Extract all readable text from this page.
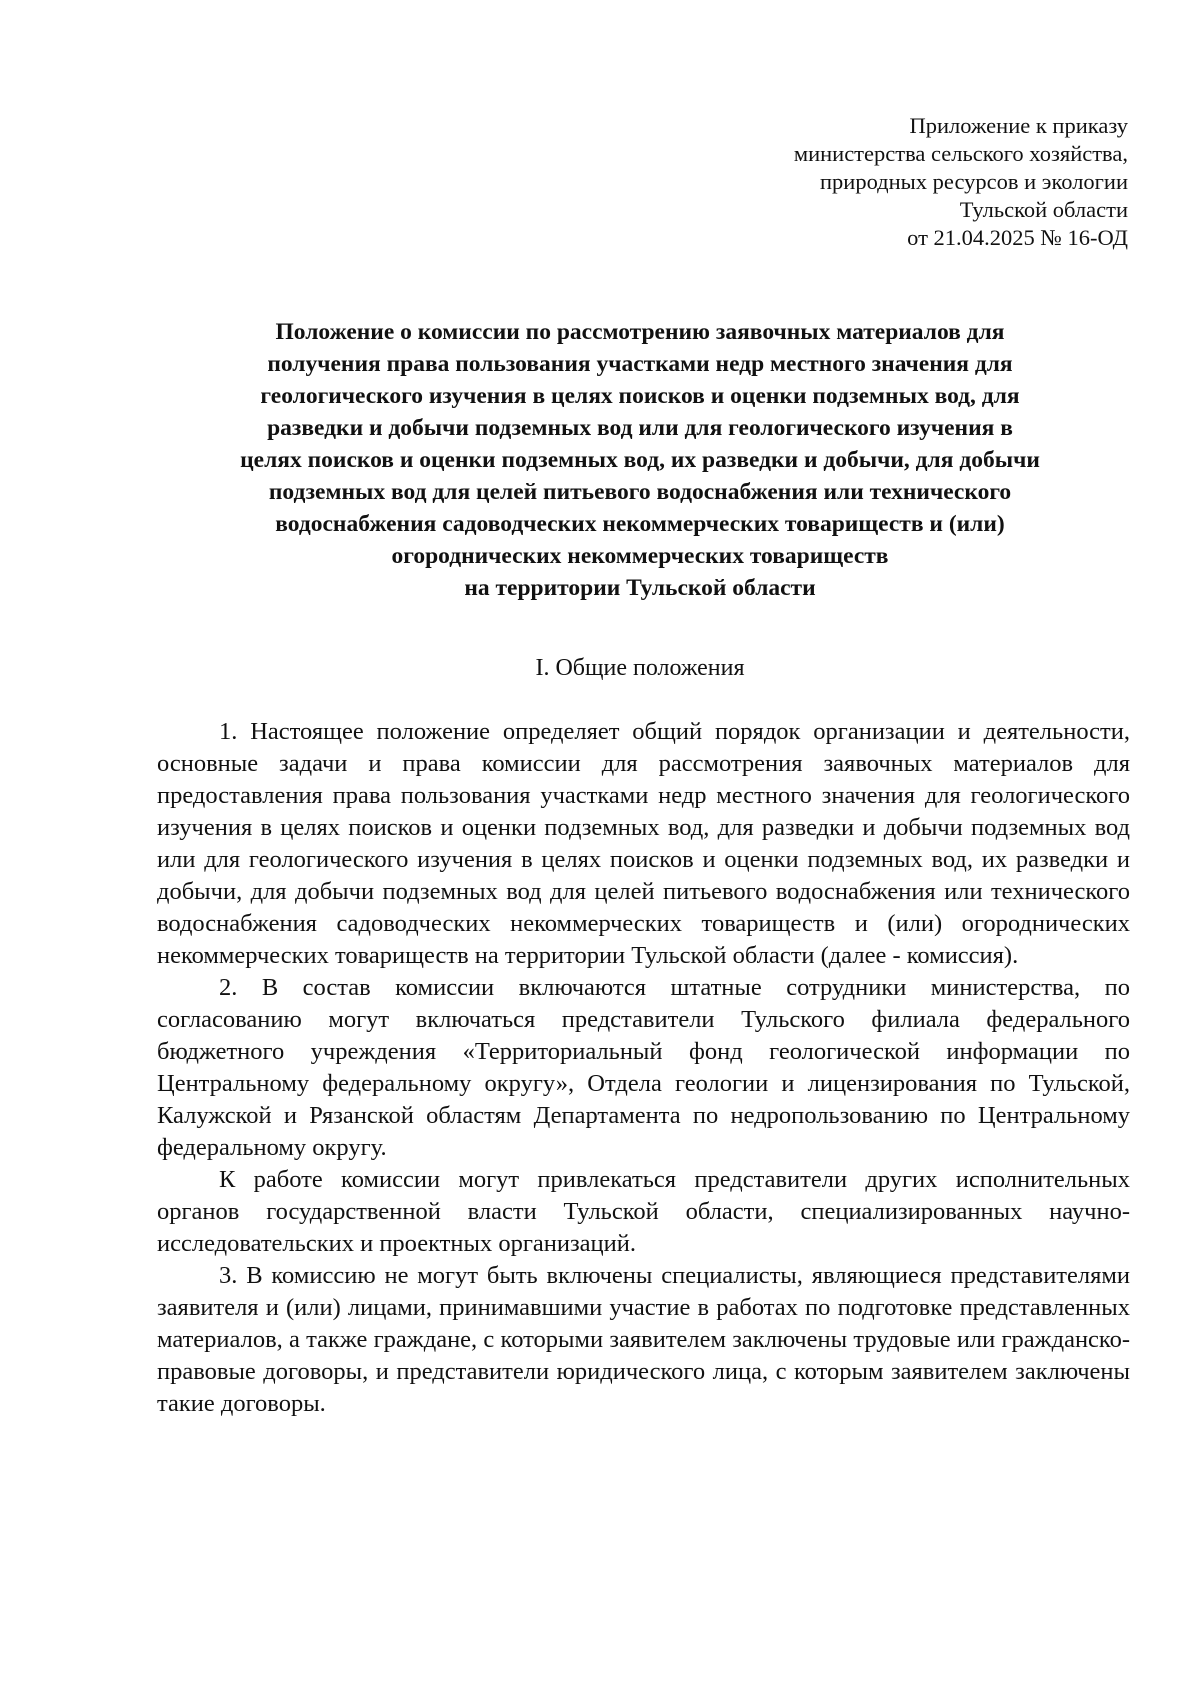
Приложение к приказу
министерства сельского хозяйства,
природных ресурсов и экологии
Тульской области
от 21.04.2025 № 16-ОД
Положение о комиссии по рассмотрению заявочных материалов для
получения права пользования участками недр местного значения для
геологического изучения в целях поисков и оценки подземных вод, для
разведки и добычи подземных вод или для геологического изучения в
целях поисков и оценки подземных вод, их разведки и добычи, для добычи
подземных вод для целей питьевого водоснабжения или технического
водоснабжения садоводческих некоммерческих товариществ и (или)
огороднических некоммерческих товариществ
на территории Тульской области
I. Общие положения

1. Настоящее положение определяет общий порядок организации и деятельности, основные задачи и права комиссии для рассмотрения заявочных материалов для предоставления права пользования участками недр местного значения для геологического изучения в целях поисков и оценки подземных вод, для разведки и добычи подземных вод или для геологического изучения в целях поисков и оценки подземных вод, их разведки и добычи, для добычи подземных вод для целей питьевого водоснабжения или технического водоснабжения садоводческих некоммерческих товариществ и (или) огороднических некоммерческих товариществ на территории Тульской области (далее - комиссия).

2. В состав комиссии включаются штатные сотрудники министерства, по согласованию могут включаться представители Тульского филиала федерального бюджетного учреждения «Территориальный фонд геологической информации по Центральному федеральному округу», Отдела геологии и лицензирования по Тульской, Калужской и Рязанской областям Департамента по недропользованию по Центральному федеральному округу.

К работе комиссии могут привлекаться представители других исполнительных органов государственной власти Тульской области, специализированных научно-исследовательских и проектных организаций.

3. В комиссию не могут быть включены специалисты, являющиеся представителями заявителя и (или) лицами, принимавшими участие в работах по подготовке представленных материалов, а также граждане, с которыми заявителем заключены трудовые или гражданско-правовые договоры, и представители юридического лица, с которым заявителем заключены такие договоры.
